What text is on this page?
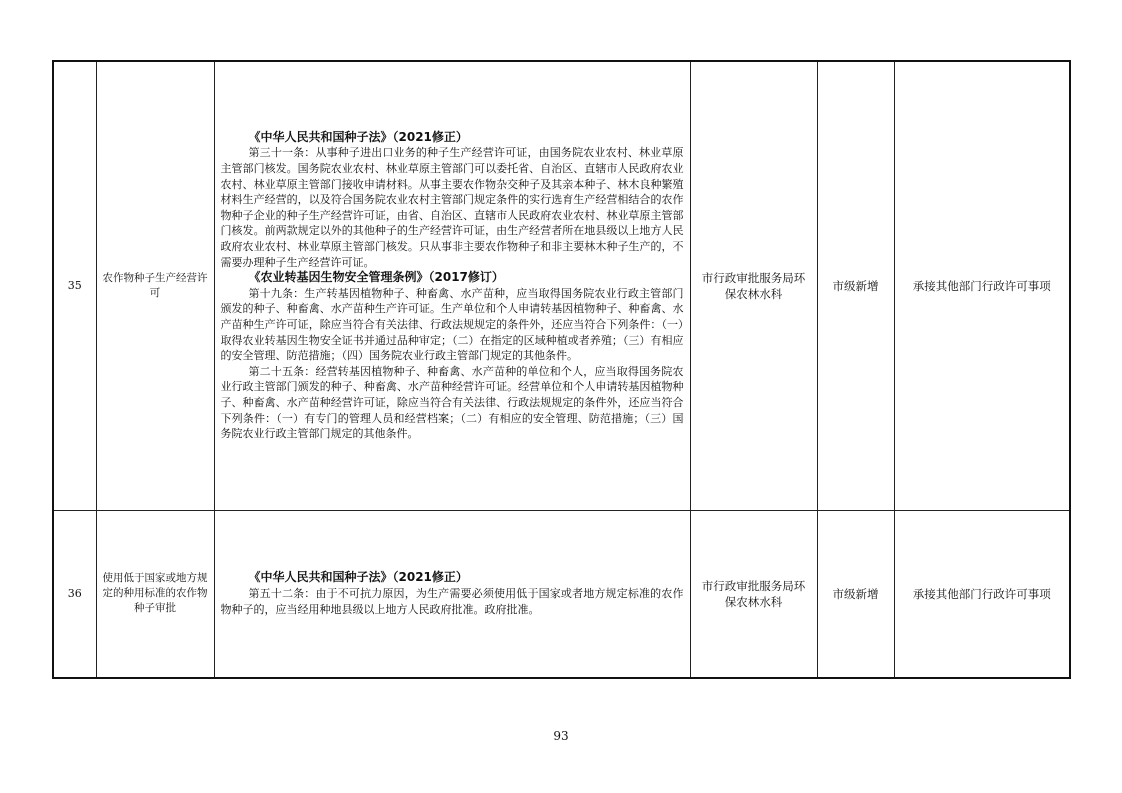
35	农作物种子生产经营许可	《中华人民共和国种子法》（2021修正）

第三十一条：从事种子进出口业务的种子生产经营许可证，由国务院农业农村、林业草原主管部门核发。国务院农业农村、林业草原主管部门可以委托省、自治区、直辖市人民政府农业农村、林业草原主管部门接收申请材料。从事主要农作物杂交种子及其亲本种子、林木良种繁殖材料生产经营的，以及符合国务院农业农村主管部门规定条件的实行选育生产经营相结合的农作物种子企业的种子生产经营许可证，由省、自治区、直辖市人民政府农业农村、林业草原主管部门核发。前两款规定以外的其他种子的生产经营许可证，由生产经营者所在地县级以上地方人民政府农业农村、林业草原主管部门核发。只从事非主要农作物种子和非主要林木种子生产的，不需要办理种子生产经营许可证。

《农业转基因生物安全管理条例》（2017修订）

第十九条：生产转基因植物种子、种畜禽、水产苗种，应当取得国务院农业行政主管部门颁发的种子、种畜禽、水产苗种生产许可证。生产单位和个人申请转基因植物种子、种畜禽、水产苗种生产许可证，除应当符合有关法律、行政法规规定的条件外，还应当符合下列条件：（一）取得农业转基因生物安全证书并通过品种审定；（二）在指定的区域种植或者养殖；（三）有相应的安全管理、防范措施；（四）国务院农业行政主管部门规定的其他条件。

第二十五条：经营转基因植物种子、种畜禽、水产苗种的单位和个人，应当取得国务院农业行政主管部门颁发的种子、种畜禽、水产苗种经营许可证。经营单位和个人申请转基因植物种子、种畜禽、水产苗种经营许可证，除应当符合有关法律、行政法规规定的条件外，还应当符合下列条件：（一）有专门的管理人员和经营档案；（二）有相应的安全管理、防范措施；（三）国务院农业行政主管部门规定的其他条件。	市行政审批服务局环保农林水科	市级新增	承接其他部门行政许可事项
36	使用低于国家或地方规定的种用标准的农作物种子审批	《中华人民共和国种子法》（2021修正）

第五十二条：由于不可抗力原因，为生产需要必须使用低于国家或者地方规定标准的农作物种子的，应当经用种地县级以上地方人民政府批准。政府批准。	市行政审批服务局环保农林水科	市级新增	承接其他部门行政许可事项
93
